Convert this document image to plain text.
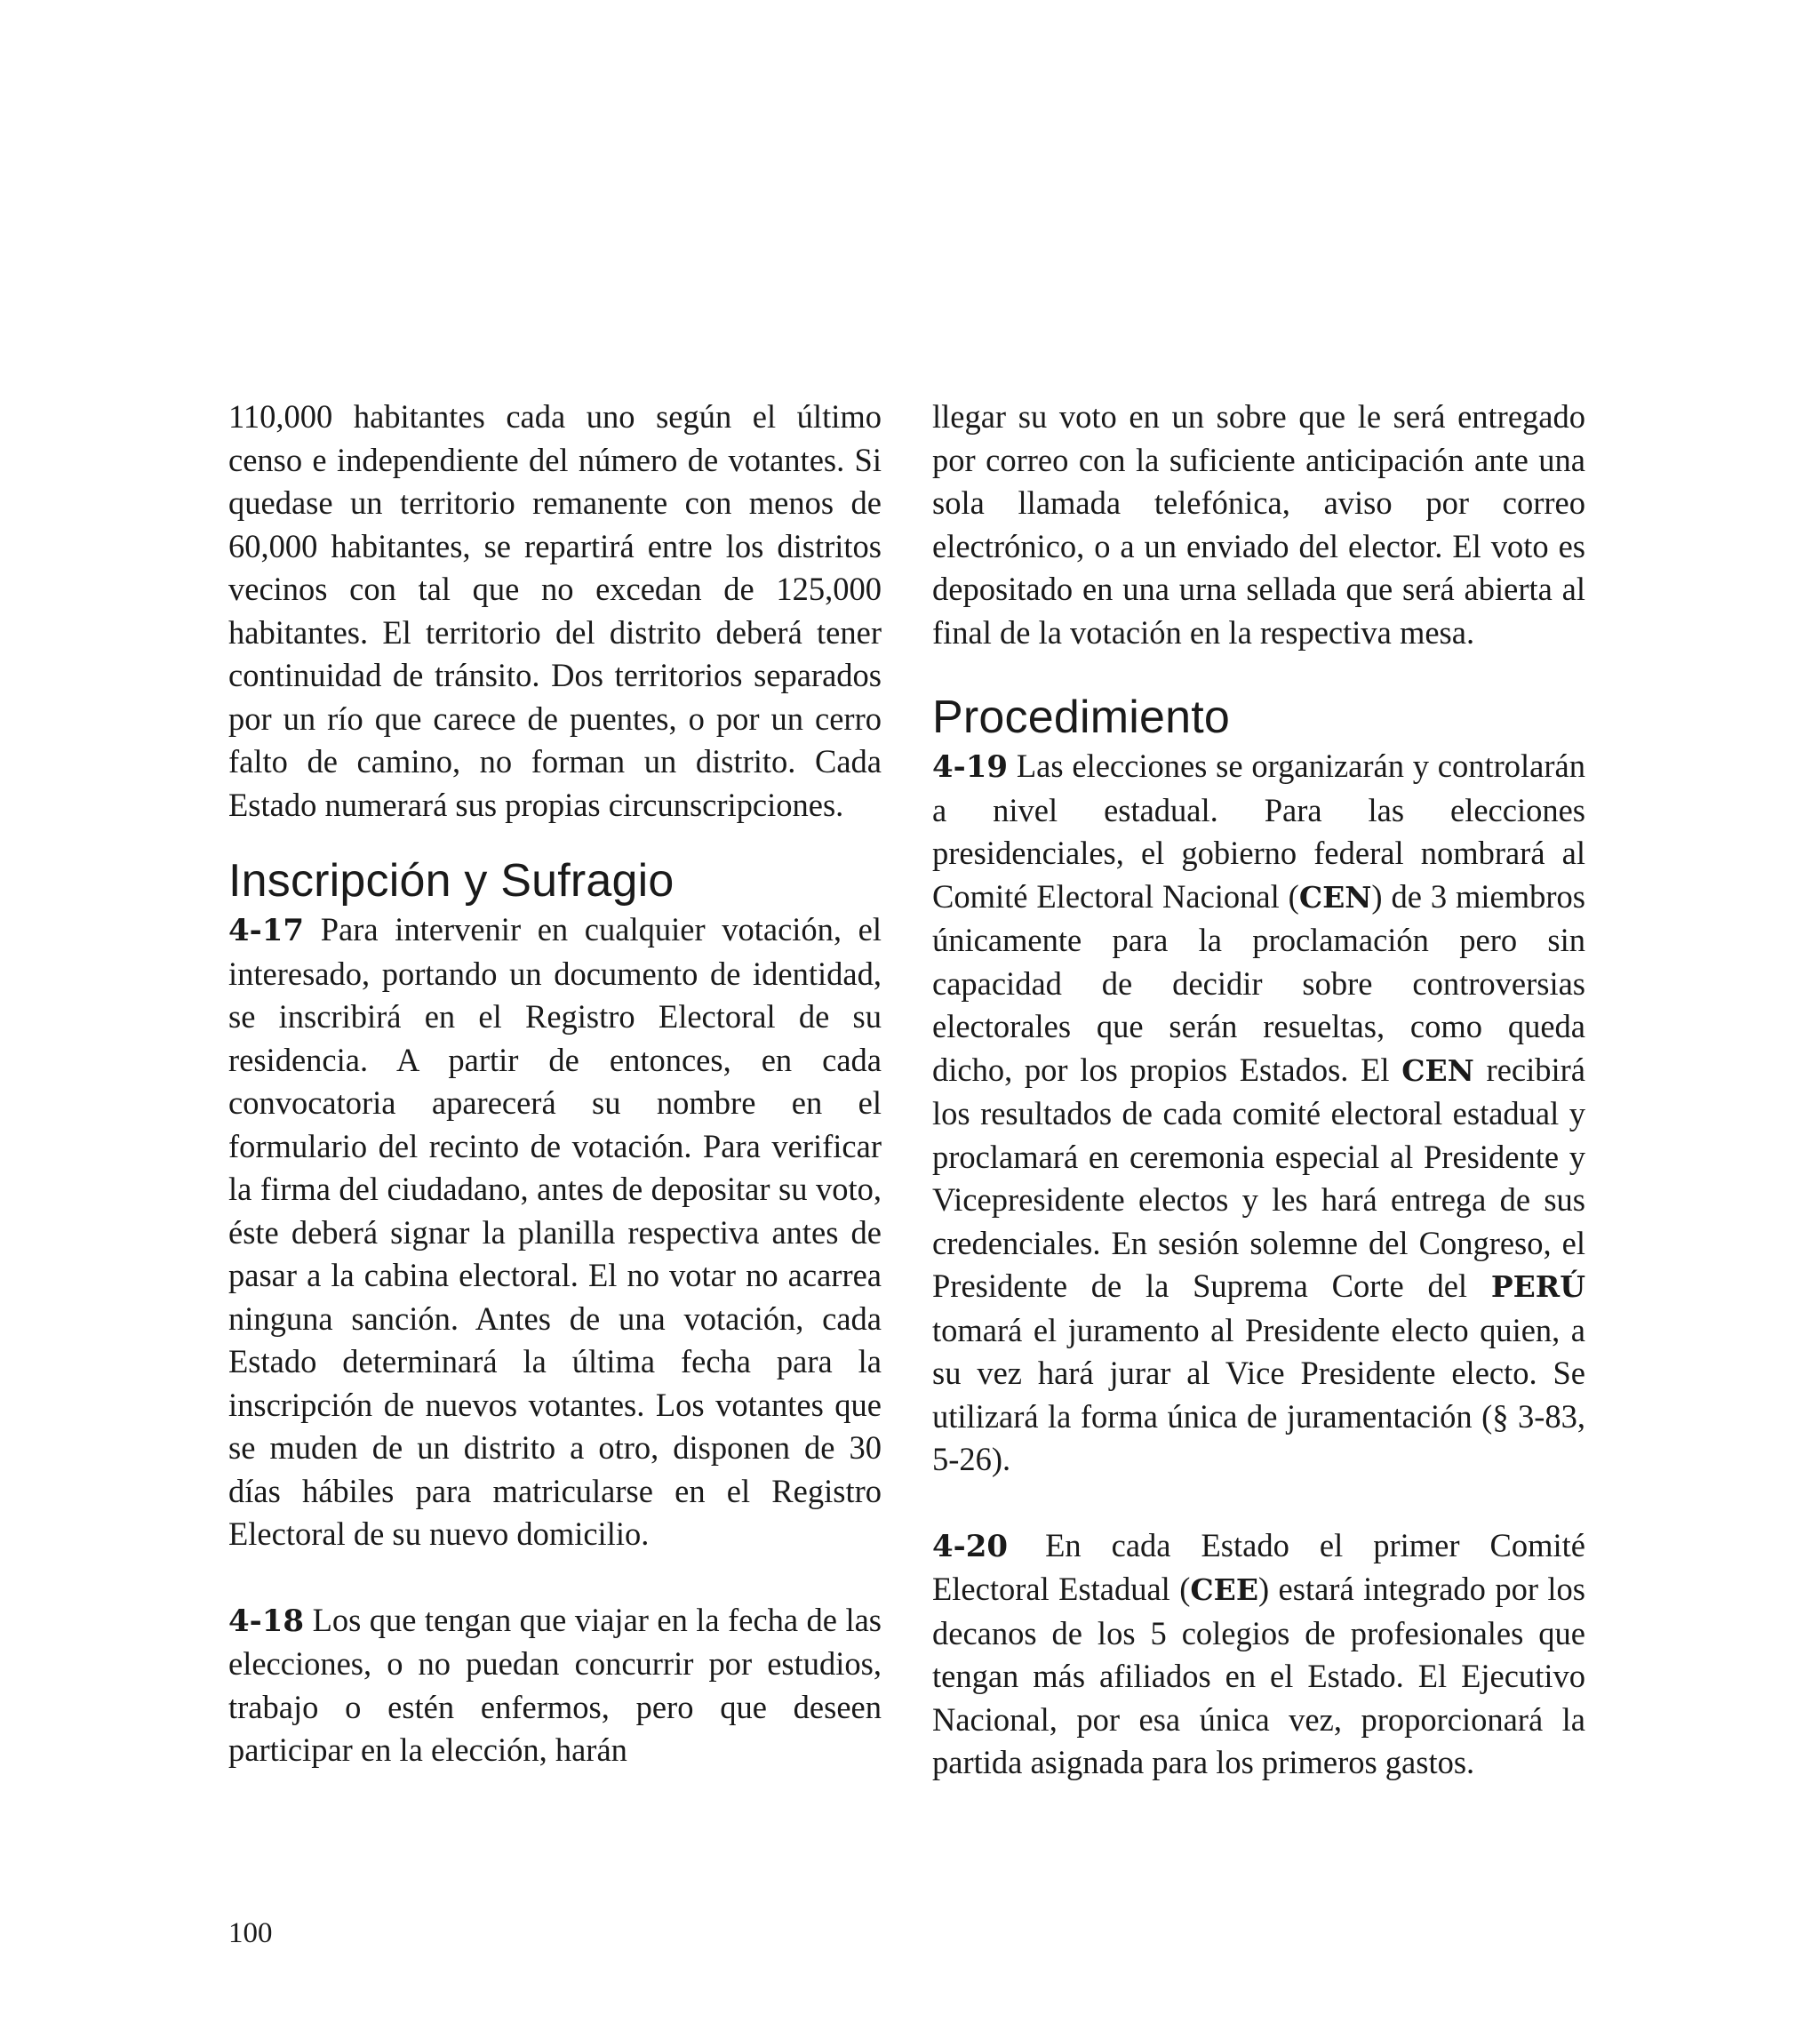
110,000 habitantes cada uno según el último censo e independiente del número de votantes. Si quedase un territorio remanente con menos de 60,000 habitantes, se repartirá entre los distritos vecinos con tal que no excedan de 125,000 habitantes. El territorio del distrito deberá tener continuidad de tránsito. Dos territorios separados por un río que carece de puentes, o por un cerro falto de camino, no forman un distrito. Cada Estado numerará sus propias circunscripciones.

Inscripción y Sufragio

4-17 Para intervenir en cualquier votación, el interesado, portando un documento de identidad, se inscribirá en el Registro Electoral de su residencia. A partir de entonces, en cada convocatoria aparecerá su nombre en el formulario del recinto de votación. Para verificar la firma del ciudadano, antes de depositar su voto, éste deberá signar la planilla respectiva antes de pasar a la cabina electoral. El no votar no acarrea ninguna sanción. Antes de una votación, cada Estado determinará la última fecha para la inscripción de nuevos votantes. Los votantes que se muden de un distrito a otro, disponen de 30 días hábiles para matricularse en el Registro Electoral de su nuevo domicilio.

4-18 Los que tengan que viajar en la fecha de las elecciones, o no puedan concurrir por estudios, trabajo o estén enfermos, pero que deseen participar en la elección, harán

llegar su voto en un sobre que le será entregado por correo con la suficiente anticipación ante una sola llamada telefónica, aviso por correo electrónico, o a un enviado del elector. El voto es depositado en una urna sellada que será abierta al final de la votación en la respectiva mesa.

Procedimiento

4-19 Las elecciones se organizarán y controlarán a nivel estadual. Para las elecciones presidenciales, el gobierno federal nombrará al Comité Electoral Nacional (CEN) de 3 miembros únicamente para la proclamación pero sin capacidad de decidir sobre controversias electorales que serán resueltas, como queda dicho, por los propios Estados. El CEN recibirá los resultados de cada comité electoral estadual y proclamará en ceremonia especial al Presidente y Vicepresidente electos y les hará entrega de sus credenciales. En sesión solemne del Congreso, el Presidente de la Suprema Corte del PERÚ tomará el juramento al Presidente electo quien, a su vez hará jurar al Vice Presidente electo. Se utilizará la forma única de juramentación (§ 3-83, 5-26).

4-20 En cada Estado el primer Comité Electoral Estadual (CEE) estará integrado por los decanos de los 5 colegios de profesionales que tengan más afiliados en el Estado. El Ejecutivo Nacional, por esa única vez, proporcionará la partida asignada para los primeros gastos.

100
